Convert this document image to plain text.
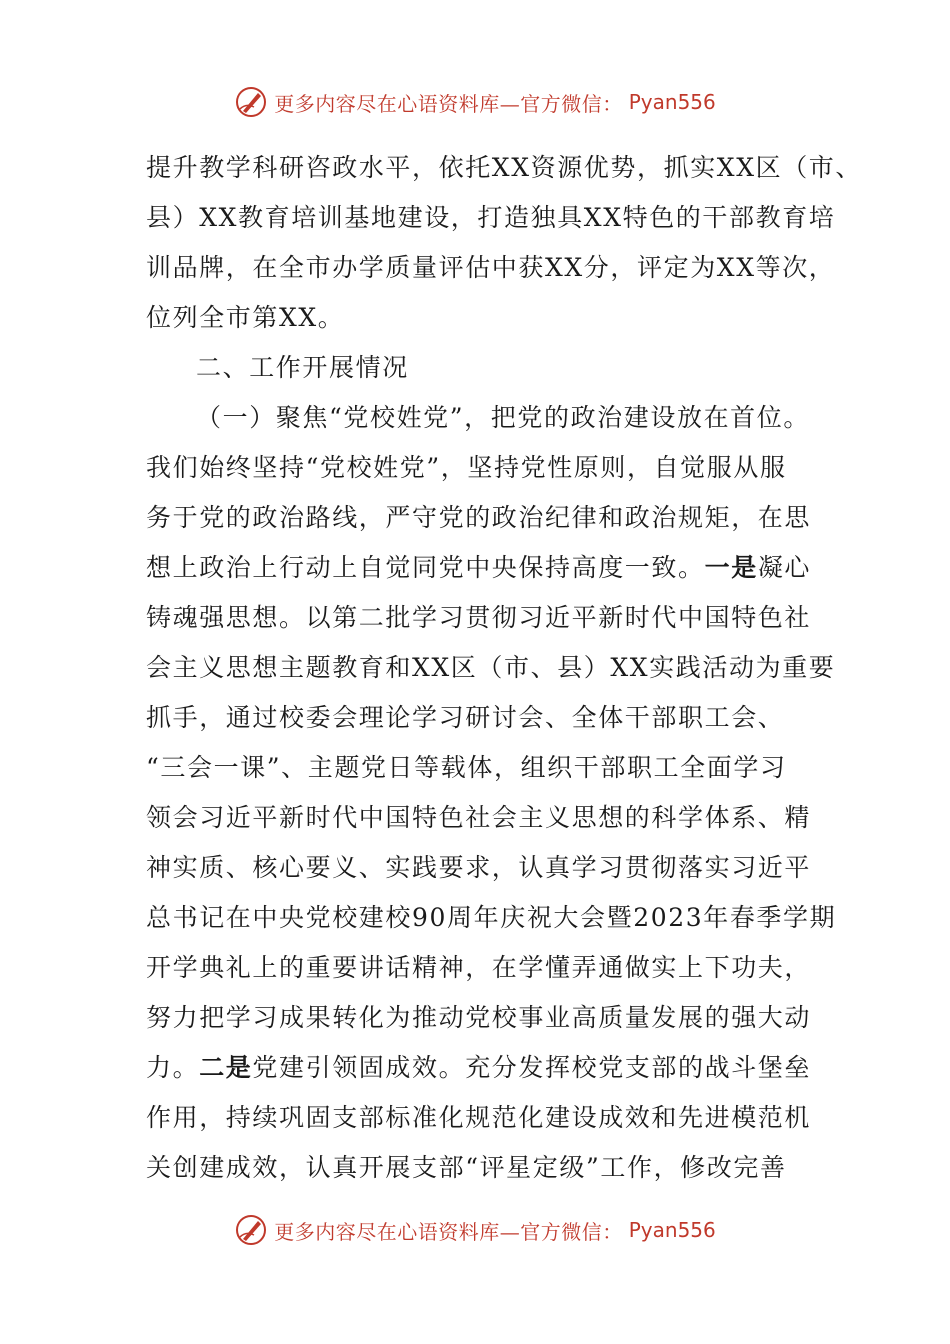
更多内容尽在心语资料库—官方微信： Pyan556
提升教学科研咨政水平，依托XX资源优势，抓实XX区（市、
县）XX教育培训基地建设，打造独具XX特色的干部教育培
训品牌，在全市办学质量评估中获XX分，评定为XX等次，
位列全市第XX。
二、工作开展情况
（一）聚焦“党校姓党”，把党的政治建设放在首位。
我们始终坚持“党校姓党”，坚持党性原则，自觉服从服
务于党的政治路线，严守党的政治纪律和政治规矩，在思
想上政治上行动上自觉同党中央保持高度一致。一是凝心
铸魂强思想。以第二批学习贯彻习近平新时代中国特色社
会主义思想主题教育和XX区（市、县）XX实践活动为重要
抓手，通过校委会理论学习研讨会、全体干部职工会、
“三会一课”、主题党日等载体，组织干部职工全面学习
领会习近平新时代中国特色社会主义思想的科学体系、精
神实质、核心要义、实践要求，认真学习贯彻落实习近平
总书记在中央党校建校90周年庆祝大会暨2023年春季学期
开学典礼上的重要讲话精神，在学懂弄通做实上下功夫，
努力把学习成果转化为推动党校事业高质量发展的强大动
力。二是党建引领固成效。充分发挥校党支部的战斗堡垒
作用，持续巩固支部标准化规范化建设成效和先进模范机
关创建成效，认真开展支部“评星定级”工作，修改完善
更多内容尽在心语资料库—官方微信： Pyan556
